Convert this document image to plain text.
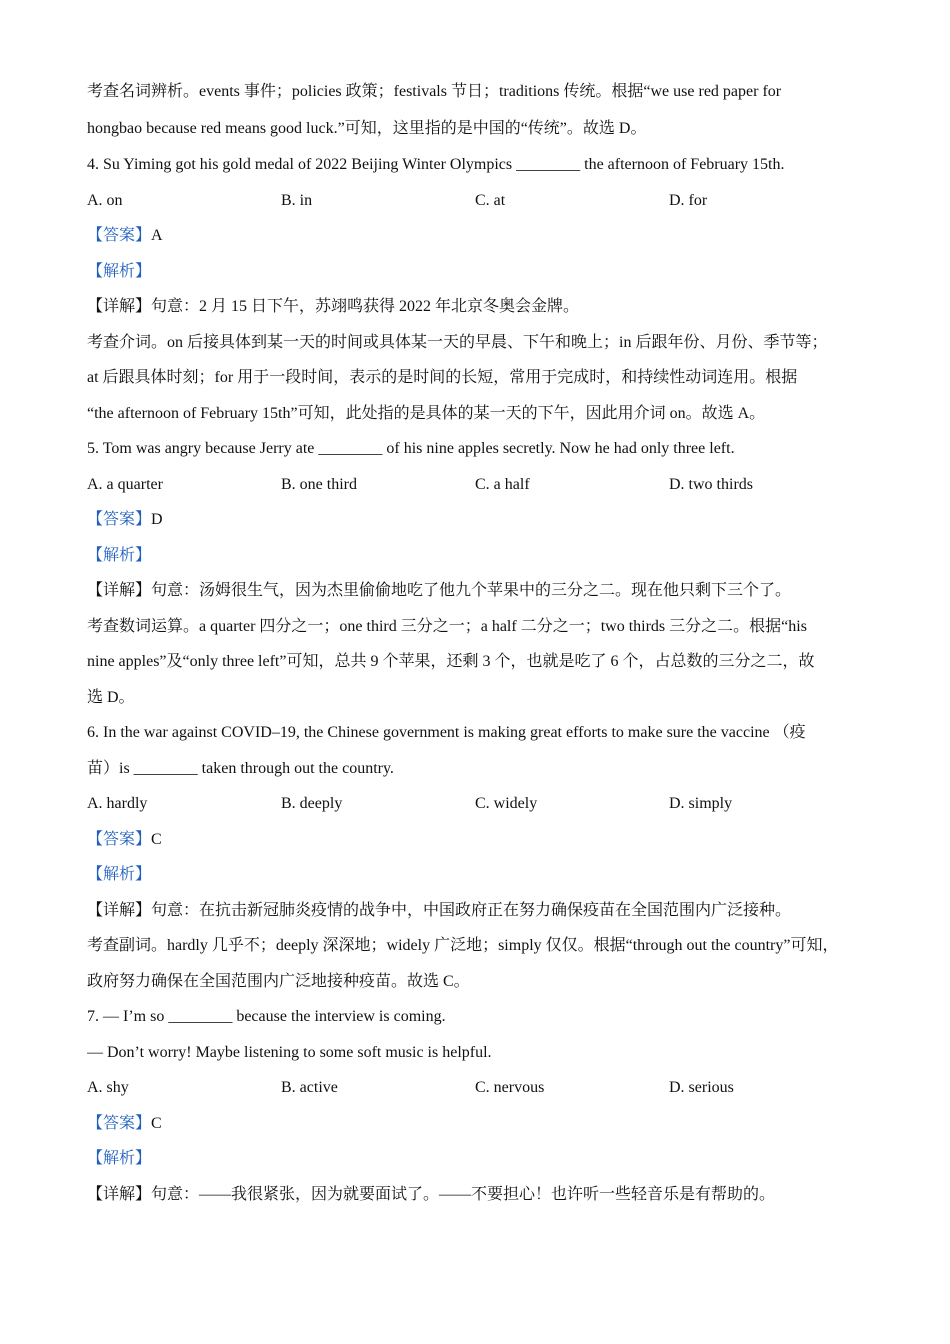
考查名词辨析。events 事件；policies 政策；festivals 节日；traditions 传统。根据“we use red paper for
hongbao because red means good luck.”可知，这里指的是中国的“传统”。故选 D。
4. Su Yiming got his gold medal of 2022 Beijing Winter Olympics ________ the afternoon of February 15th.
A. on	B. in	C. at	D. for
【答案】A
【解析】
【详解】句意：2 月 15 日下午，苏翊鸣获得 2022 年北京冬奥会金牌。
考查介词。on 后接具体到某一天的时间或具体某一天的早晨、下午和晚上；in 后跟年份、月份、季节等；
at 后跟具体时刻；for 用于一段时间，表示的是时间的长短，常用于完成时，和持续性动词连用。根据
“the afternoon of February 15th”可知，此处指的是具体的某一天的下午，因此用介词 on。故选 A。
5. Tom was angry because Jerry ate ________ of his nine apples secretly. Now he had only three left.
A. a quarter	B. one third	C. a half	D. two thirds
【答案】D
【解析】
【详解】句意：汤姆很生气，因为杰里偷偷地吃了他九个苹果中的三分之二。现在他只剩下三个了。
考查数词运算。a quarter 四分之一；one third 三分之一；a half 二分之一；two thirds 三分之二。根据“his
nine apples”及“only three left”可知，总共 9 个苹果，还剩 3 个，也就是吃了 6 个，占总数的三分之二，故
选 D。
6. In the war against COVID–19, the Chinese government is making great efforts to make sure the vaccine （疫
苗）is ________ taken through out the country.
A. hardly	B. deeply	C. widely	D. simply
【答案】C
【解析】
【详解】句意：在抗击新冠肺炎疫情的战争中，中国政府正在努力确保疫苗在全国范围内广泛接种。
考查副词。hardly 几乎不；deeply 深深地；widely 广泛地；simply 仅仅。根据“through out the country”可知，
政府努力确保在全国范围内广泛地接种疫苗。故选 C。
7. — I’m so ________ because the interview is coming.
— Don’t worry! Maybe listening to some soft music is helpful.
A. shy	B. active	C. nervous	D. serious
【答案】C
【解析】
【详解】句意：——我很紧张，因为就要面试了。——不要担心！也许听一些轻音乐是有帮助的。
